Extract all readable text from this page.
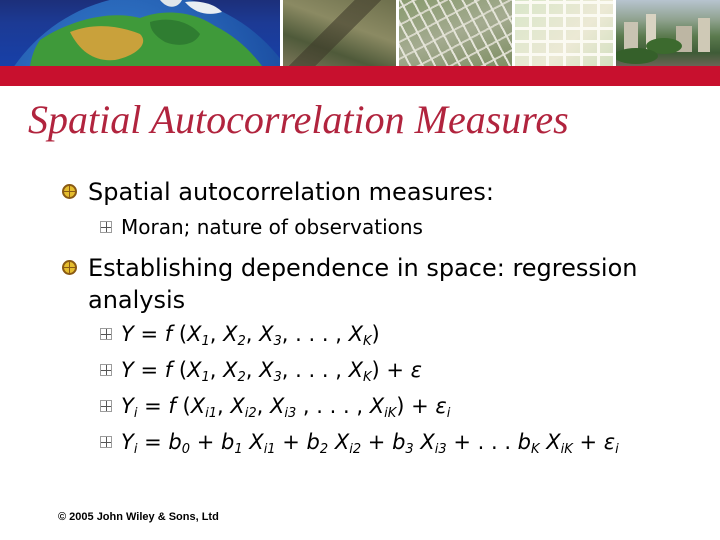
Spatial Autocorrelation Measures
Spatial autocorrelation measures:
Moran; nature of observations
Establishing dependence in space: regression
analysis
Y = f ($X_1$, $X_2$, $X_3$, . . . , $X_K$)
Y = f ($X_1$, $X_2$, $X_3$, . . . , $X_K) + \varepsilon$
$Y_i = f$ ($X_{i1}$, $X_{i2}$, $X_{i3}$ , . . . , $X_{iK}) + \varepsilon_i$
$Y_i = b_0 + b_1$ $X_{i1} + b_2$ $X_{i2} + b_3$ $X_{i3}$ + . . . $b_K$ $X_{iK} + \varepsilon_i$
© 2005 John Wiley & Sons, Ltd
